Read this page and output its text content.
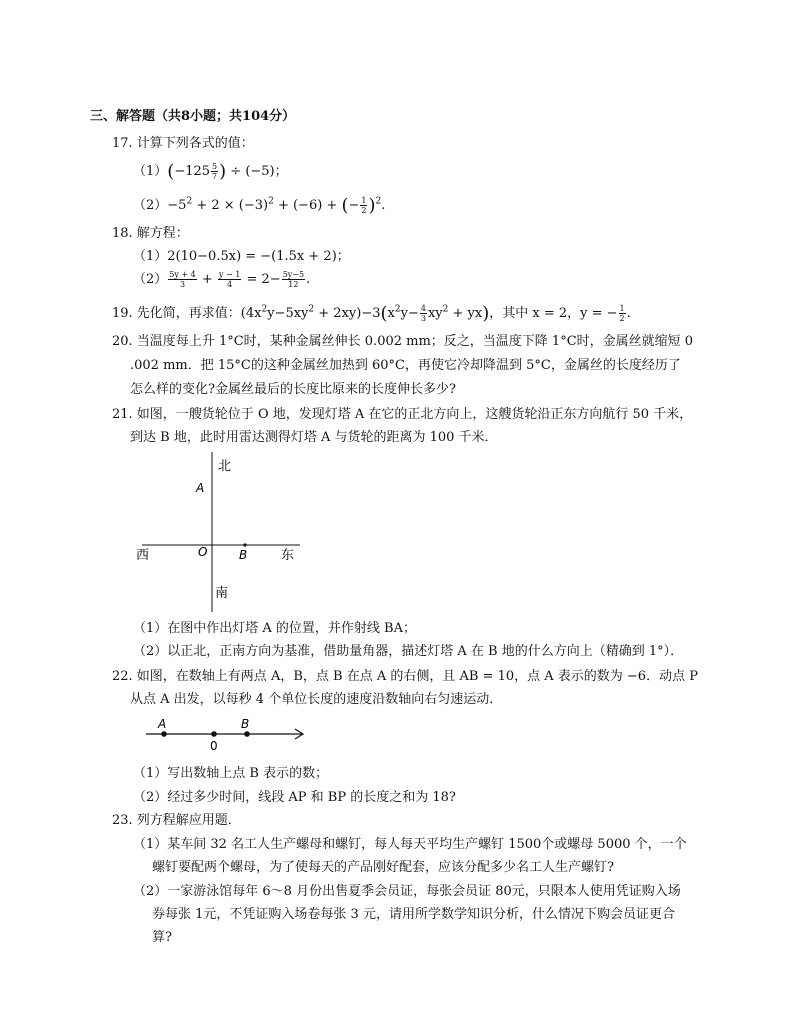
三、解答题（共8小题；共104分）
17. 计算下列各式的值：
$(1)(-125 \frac{5}{7}$ ) ÷ (−5)；
$(2)-5^2 + 2 \times (-3)^2 + (-6)$ + (− $\frac{1}{2} )^2$.
18. 解方程：
（1）2(10−0.5x) = −(1.5x + 2)；
$(2) \frac{5y + 4}{3} + \frac{y - 1}{4} = 2- \frac{5y-5}{12}$ .
19. 先化简，再求值：$(4x^2y-5xy^2 + 2xy)-3(x^2y- \frac{4}{3} xy^2 + yx)$，其中 x = 2，y = − $\frac{1}{2}$ .
20. 当温度每上升 1°C时，某种金属丝伸长 0.002 mm；反之，当温度下降 1°C时，金属丝就缩短 0
.002 mm．把 15°C的这种金属丝加热到 60°C，再使它冷却降温到 5°C，金属丝的长度经历了
怎么样的变化?金属丝最后的长度比原来的长度伸长多少?
21. 如图，一艘货轮位于 O 地，发现灯塔 A 在它的正北方向上，这艘货轮沿正东方向航行 50 千米，
到达 B 地，此时用雷达测得灯塔 A 与货轮的距离为 100 千米．
北
A
O
西	B	东
南
（1）在图中作出灯塔 A 的位置，并作射线 BA；
（2）以正北，正南方向为基准，借助量角器，描述灯塔 A 在 B 地的什么方向上（精确到 1°）．
22. 如图，在数轴上有两点 A，B，点 B 在点 A 的右侧，且 AB = 10，点 A 表示的数为 −6．动点 P
从点 A 出发，以每秒 4 个单位长度的速度沿数轴向右匀速运动．
A	B
0
（1）写出数轴上点 B 表示的数；
（2）经过多少时间，线段 AP 和 BP 的长度之和为 18?
23. 列方程解应用题．
（1）某车间 32 名工人生产螺母和螺钉，每人每天平均生产螺钉 1500个或螺母 5000 个，一个
螺钉要配两个螺母，为了使每天的产品刚好配套，应该分配多少名工人生产螺钉?
（2）一家游泳馆每年 6～8 月份出售夏季会员证，每张会员证 80元，只限本人使用凭证购入场
券每张 1元，不凭证购入场卷每张 3 元，请用所学数学知识分析，什么情况下购会员证更合
算?
